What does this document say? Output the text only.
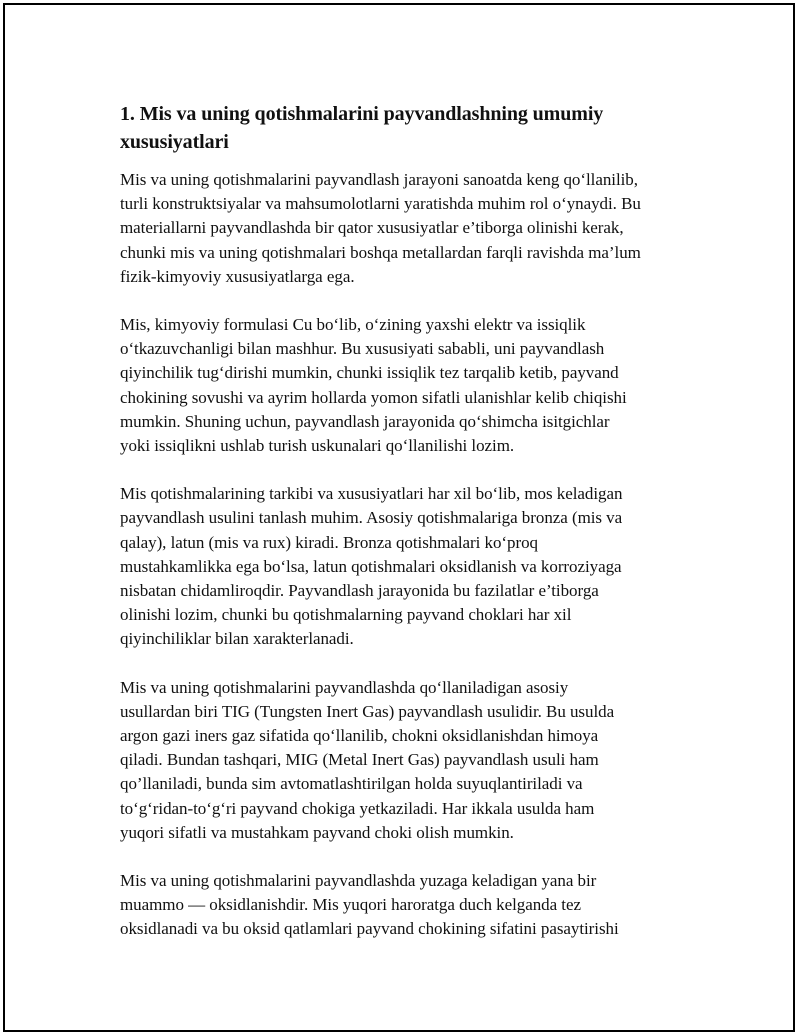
1. Mis va uning qotishmalarini payvandlashning umumiy xususiyatlari

Mis va uning qotishmalarini payvandlash jarayoni sanoatda keng qo‘llanilib,
turli konstruktsiyalar va mahsumolotlarni yaratishda muhim rol o‘ynaydi. Bu
materiallarni payvandlashda bir qator xususiyatlar e’tiborga olinishi kerak,
chunki mis va uning qotishmalari boshqa metallardan farqli ravishda ma’lum
fizik-kimyoviy xususiyatlarga ega.

Mis, kimyoviy formulasi Cu bo‘lib, o‘zining yaxshi elektr va issiqlik
o‘tkazuvchanligi bilan mashhur. Bu xususiyati sababli, uni payvandlash
qiyinchilik tug‘dirishi mumkin, chunki issiqlik tez tarqalib ketib, payvand
chokining sovushi va ayrim hollarda yomon sifatli ulanishlar kelib chiqishi
mumkin. Shuning uchun, payvandlash jarayonida qo‘shimcha isitgichlar
yoki issiqlikni ushlab turish uskunalari qo‘llanilishi lozim.

Mis qotishmalarining tarkibi va xususiyatlari har xil bo‘lib, mos keladigan
payvandlash usulini tanlash muhim. Asosiy qotishmalariga bronza (mis va
qalay), latun (mis va rux) kiradi. Bronza qotishmalari ko‘proq
mustahkamlikka ega bo‘lsa, latun qotishmalari oksidlanish va korroziyaga
nisbatan chidamliroqdir. Payvandlash jarayonida bu fazilatlar e’tiborga
olinishi lozim, chunki bu qotishmalarning payvand choklari har xil
qiyinchiliklar bilan xarakterlanadi.

Mis va uning qotishmalarini payvandlashda qo‘llaniladigan asosiy
usullardan biri TIG (Tungsten Inert Gas) payvandlash usulidir. Bu usulda
argon gazi iners gaz sifatida qo‘llanilib, chokni oksidlanishdan himoya
qiladi. Bundan tashqari, MIG (Metal Inert Gas) payvandlash usuli ham
qo’llaniladi, bunda sim avtomatlashtirilgan holda suyuqlantiriladi va
to‘g‘ridan-to‘g‘ri payvand chokiga yetkaziladi. Har ikkala usulda ham
yuqori sifatli va mustahkam payvand choki olish mumkin.

Mis va uning qotishmalarini payvandlashda yuzaga keladigan yana bir
muammo — oksidlanishdir. Mis yuqori haroratga duch kelganda tez
oksidlanadi va bu oksid qatlamlari payvand chokining sifatini pasaytirishi
